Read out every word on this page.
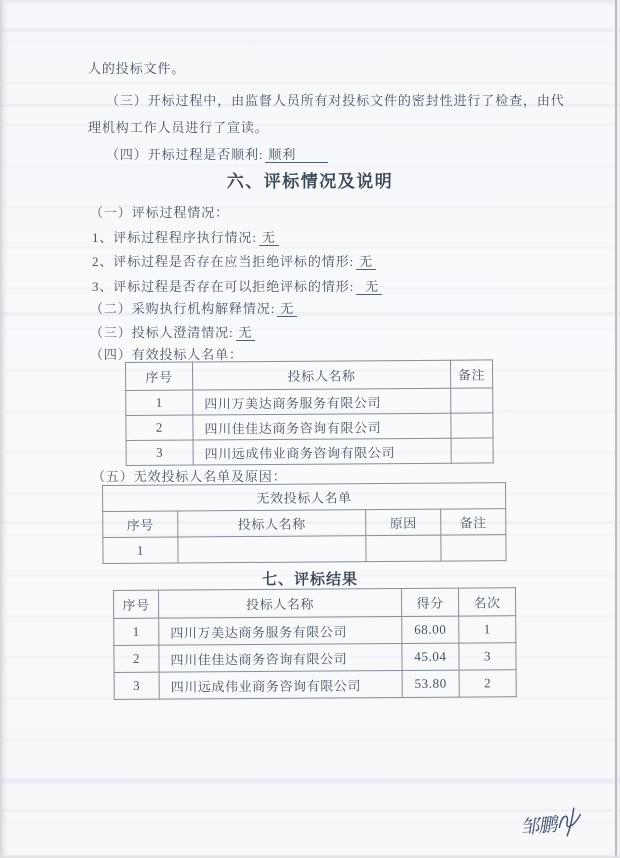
人的投标文件。

（三）开标过程中，由监督人员所有对投标文件的密封性进行了检查，由代

理机构工作人员进行了宣读。

（四）开标过程是否顺利: 顺利

六、评标情况及说明

（一）评标过程情况：

1、评标过程程序执行情况: 无

2、评标过程是否存在应当拒绝评标的情形: 无

3、评标过程是否存在可以拒绝评标的情形: 无

（二）采购执行机构解释情况: 无

（三）投标人澄清情况: 无

（四）有效投标人名单：

序号	投标人名称	备注
1	四川万美达商务服务有限公司	
2	四川佳佳达商务咨询有限公司	
3	四川远成伟业商务咨询有限公司	

（五）无效投标人名单及原因：

无效投标人名单			
序号	投标人名称	原因	备注
1			
七、评标结果
序号	投标人名称	得分	名次
1	四川万美达商务服务有限公司	68.00	1
2	四川佳佳达商务咨询有限公司	45.04	3
3	四川远成伟业商务咨询有限公司	53.80	2
邹鹏
